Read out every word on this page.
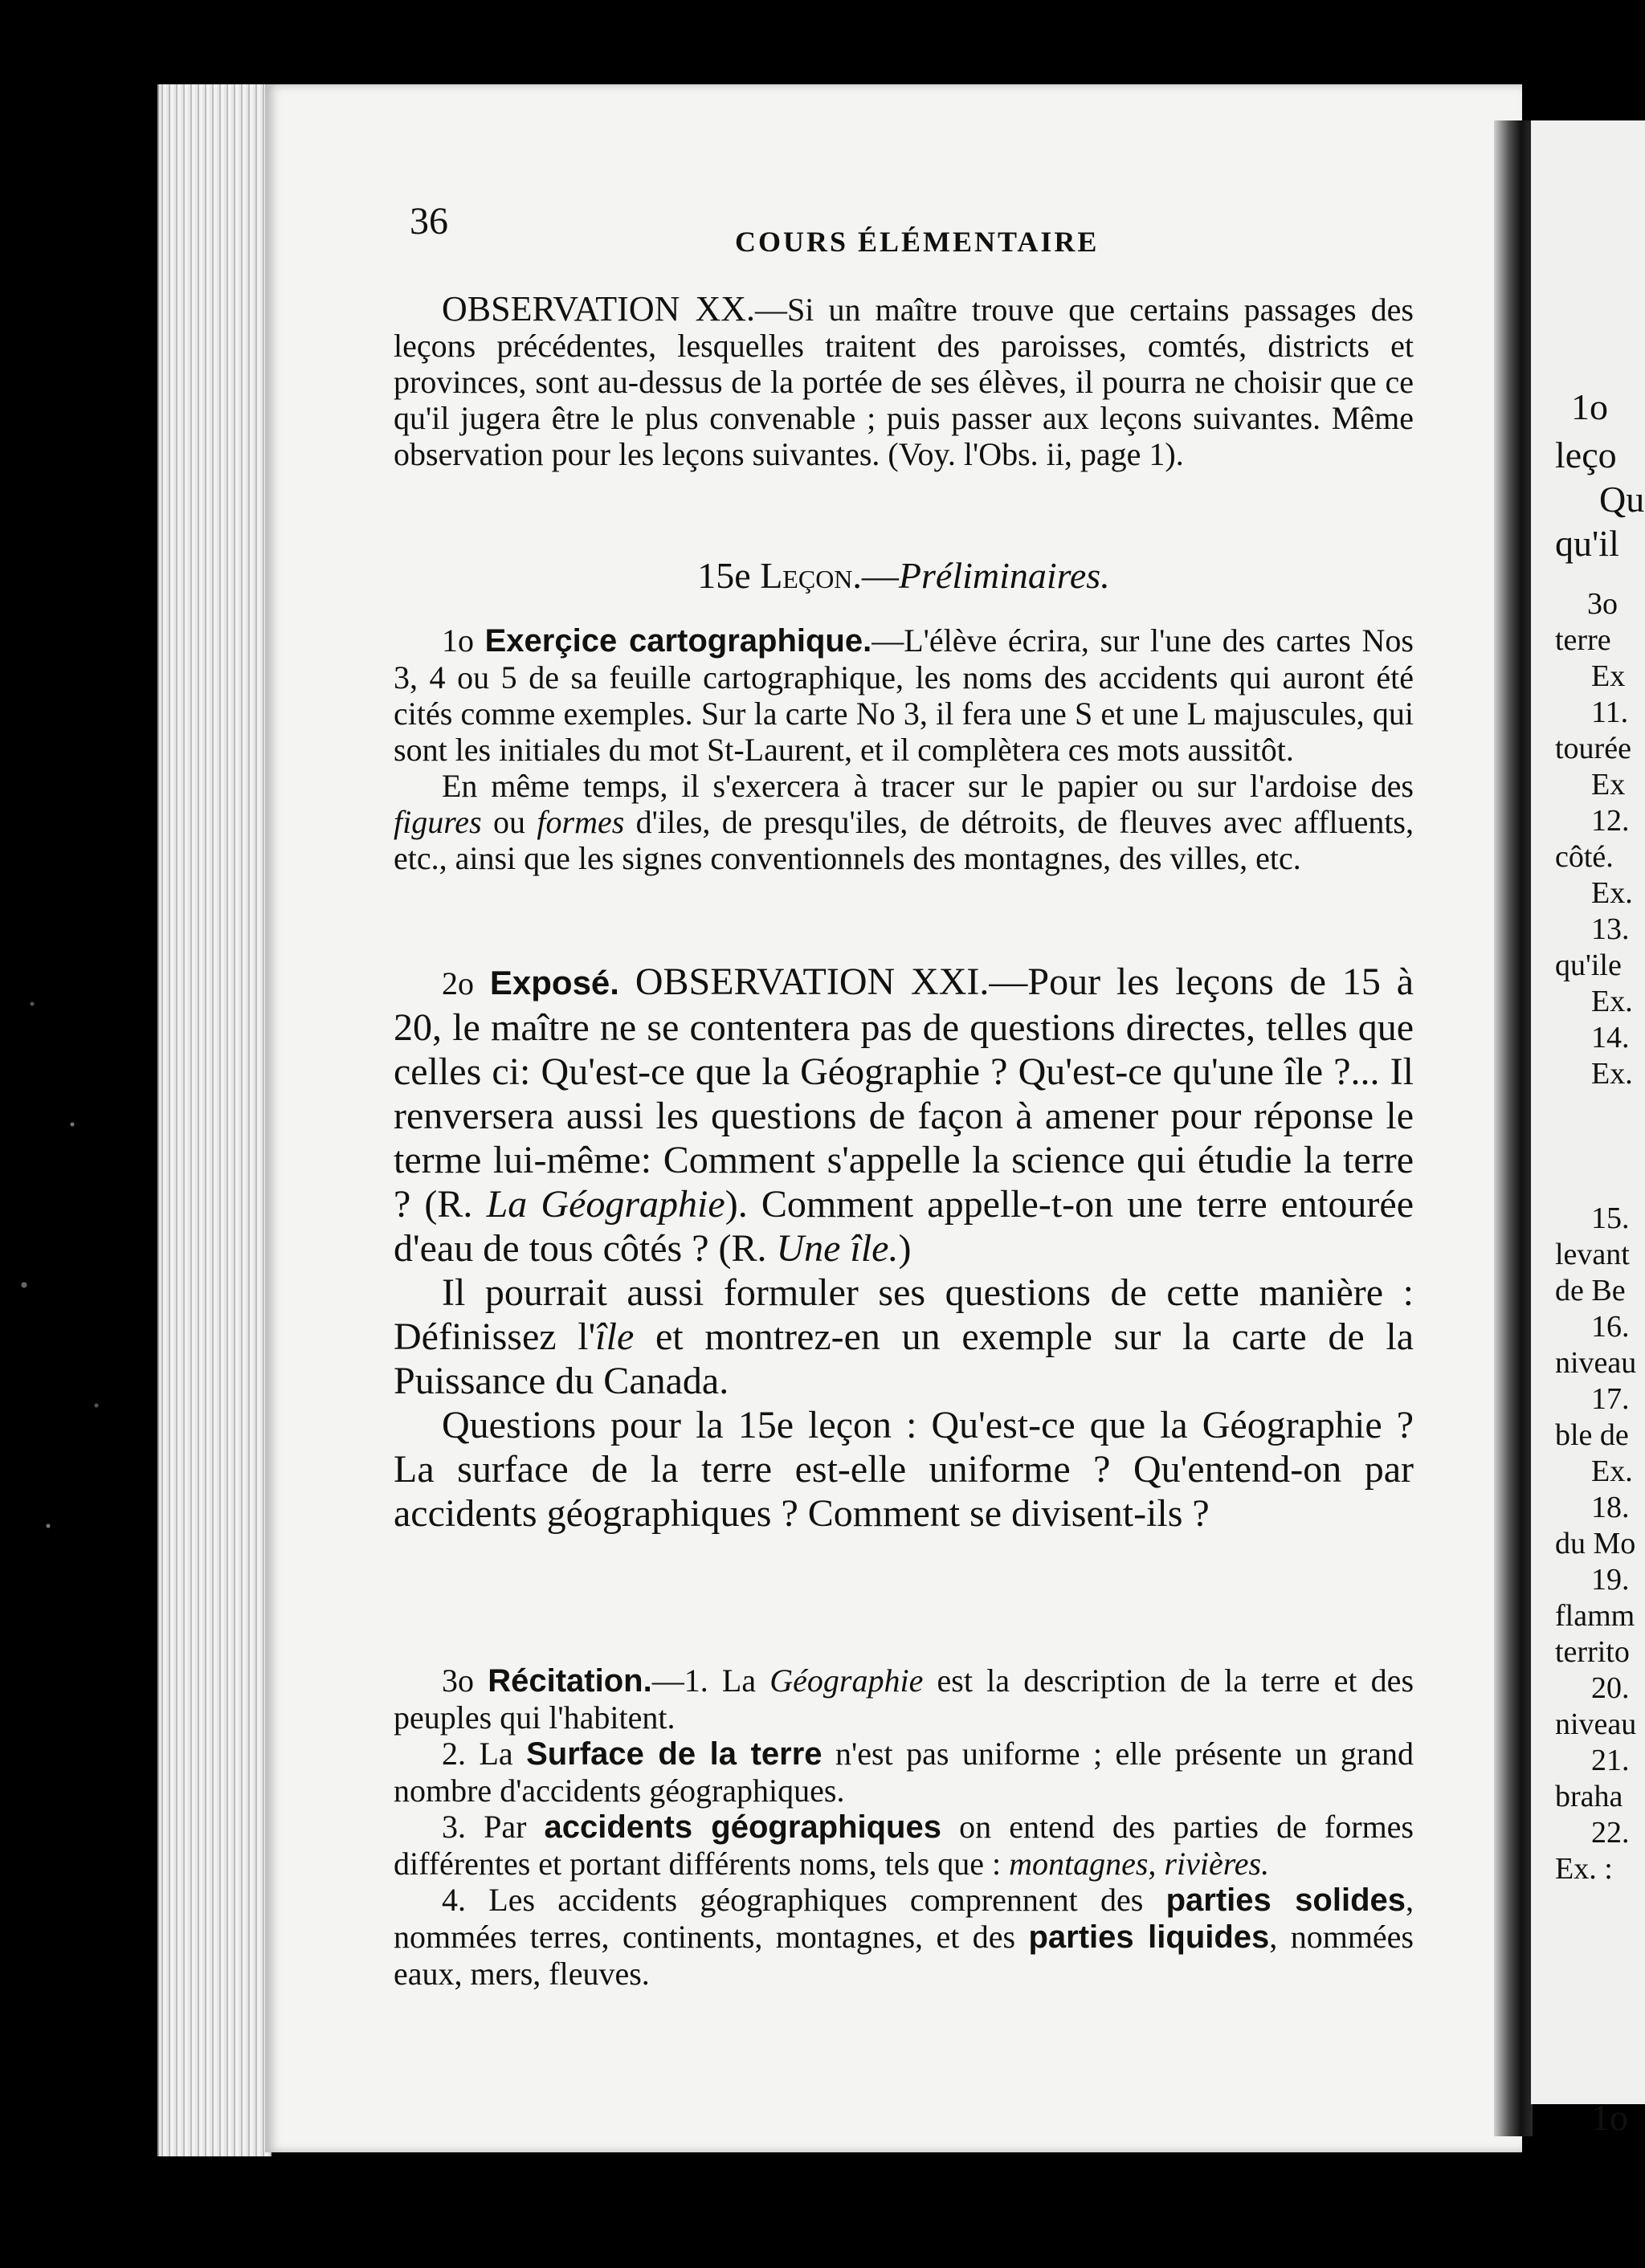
1o
leço
Qu
qu'il
3o
terre
Ex
11.
tourée
Ex
12.
côté.
Ex.
13.
qu'ile
Ex.
14.
Ex.
15.
levant
de Be
16.
niveau
17.
ble de
Ex.
18.
du Mo
19.
flamm
territo
20.
niveau
21.
braha
22.
Ex. :
1o
36	COURS ÉLÉMENTAIRE

OBSERVATION XX.—Si un maître trouve que certains passages des leçons précédentes, lesquelles traitent des paroisses, comtés, districts et provinces, sont au-dessus de la portée de ses élèves, il pourra ne choisir que ce qu'il jugera être le plus convenable ; puis passer aux leçons suivantes. Même observation pour les leçons suivantes. (Voy. l'Obs. ii, page 1).

15e Leçon.—Préliminaires.

1o Exerçice cartographique.—L'élève écrira, sur l'une des cartes Nos 3, 4 ou 5 de sa feuille cartographique, les noms des accidents qui auront été cités comme exemples. Sur la carte No 3, il fera une S et une L majuscules, qui sont les initiales du mot St-Laurent, et il complètera ces mots aussitôt.

En même temps, il s'exercera à tracer sur le papier ou sur l'ardoise des figures ou formes d'iles, de presqu'iles, de détroits, de fleuves avec affluents, etc., ainsi que les signes conventionnels des montagnes, des villes, etc.

2o Exposé. OBSERVATION XXI.—Pour les leçons de 15 à 20, le maître ne se contentera pas de questions directes, telles que celles ci: Qu'est-ce que la Géographie ? Qu'est-ce qu'une île ?... Il renversera aussi les questions de façon à amener pour réponse le terme lui-même: Comment s'appelle la science qui étudie la terre ? (R. La Géographie). Comment appelle-t-on une terre entourée d'eau de tous côtés ? (R. Une île.)

Il pourrait aussi formuler ses questions de cette manière : Définissez l'île et montrez-en un exemple sur la carte de la Puissance du Canada.

Questions pour la 15e leçon : Qu'est-ce que la Géographie ? La surface de la terre est-elle uniforme ? Qu'entend-on par accidents géographiques ? Comment se divisent-ils ?

3o Récitation.—1. La Géographie est la description de la terre et des peuples qui l'habitent.

2. La Surface de la terre n'est pas uniforme ; elle présente un grand nombre d'accidents géographiques.

3. Par accidents géographiques on entend des parties de formes différentes et portant différents noms, tels que : montagnes, rivières.

4. Les accidents géographiques comprennent des parties solides, nommées terres, continents, montagnes, et des parties liquides, nommées eaux, mers, fleuves.
